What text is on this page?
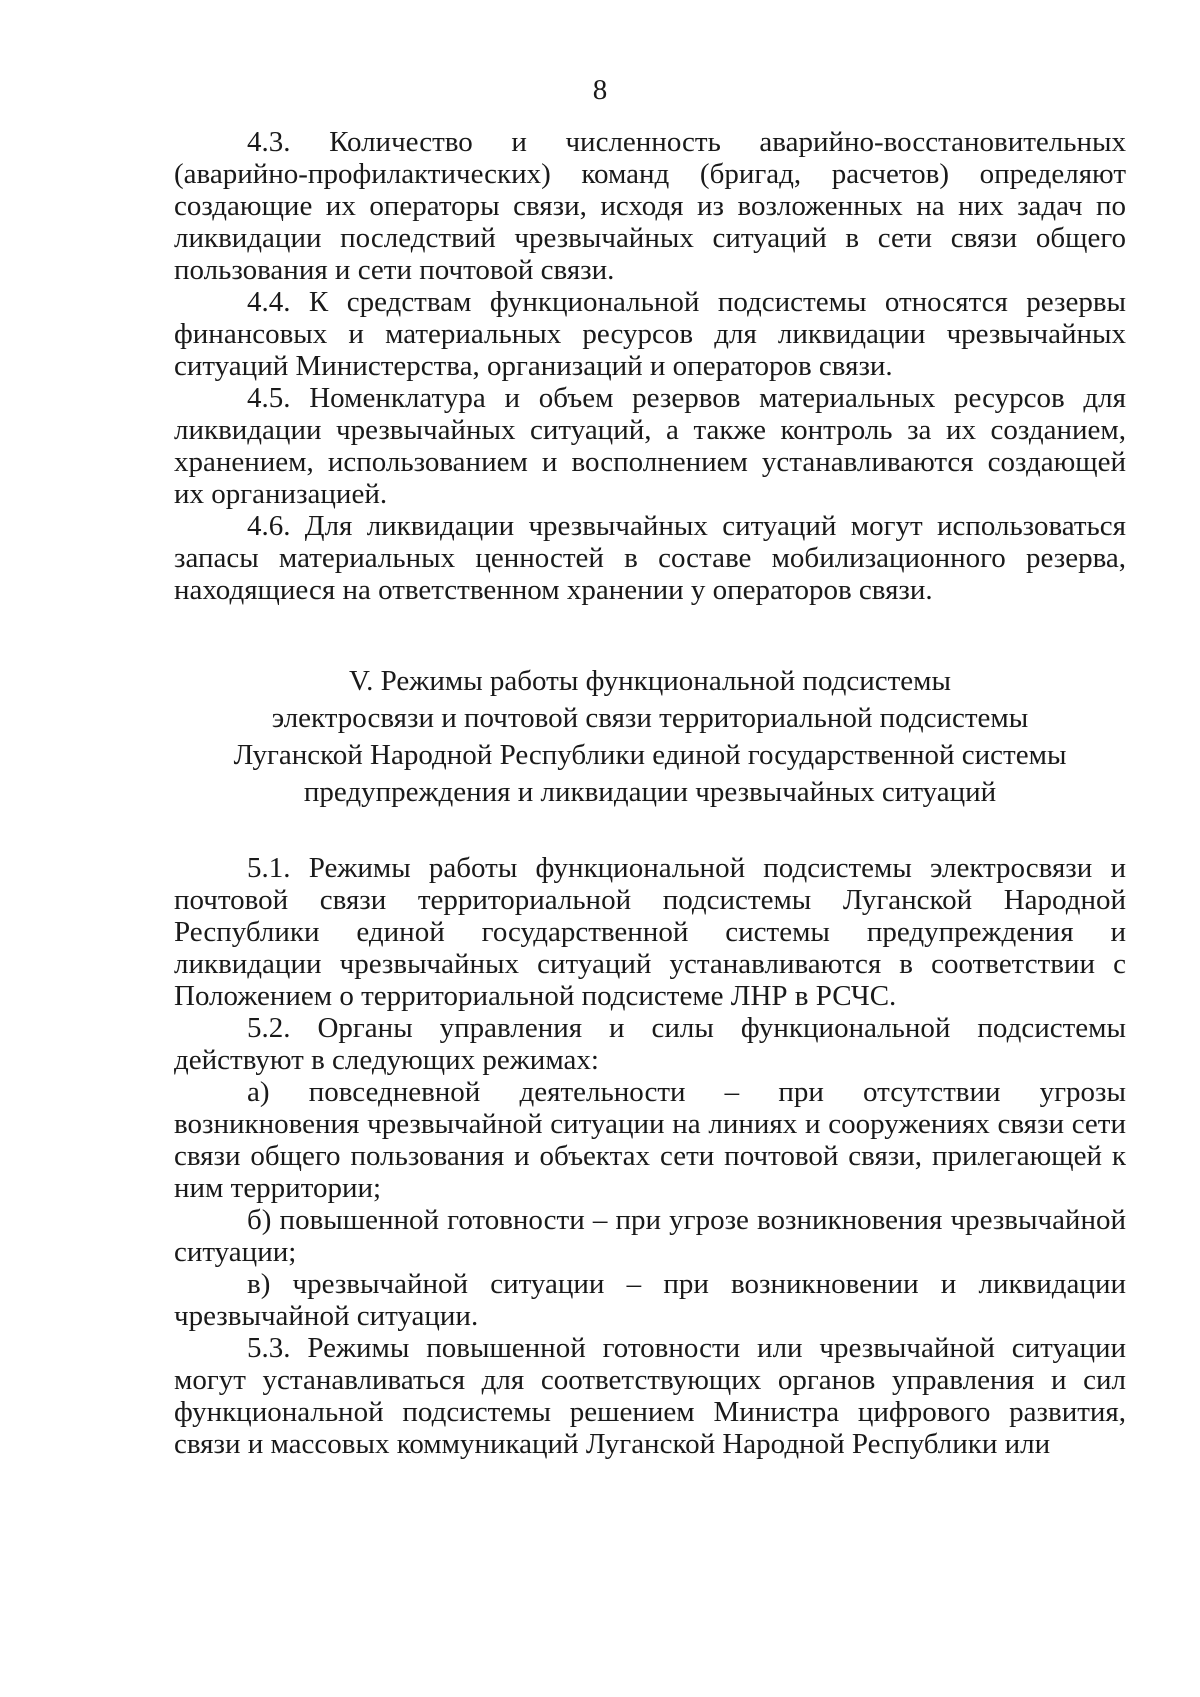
8

4.3. Количество и численность аварийно-восстановительных (аварийно-профилактических) команд (бригад, расчетов) определяют создающие их операторы связи, исходя из возложенных на них задач по ликвидации последствий чрезвычайных ситуаций в сети связи общего пользования и сети почтовой связи.

4.4. К средствам функциональной подсистемы относятся резервы финансовых и материальных ресурсов для ликвидации чрезвычайных ситуаций Министерства, организаций и операторов связи.

4.5. Номенклатура и объем резервов материальных ресурсов для ликвидации чрезвычайных ситуаций, а также контроль за их созданием, хранением, использованием и восполнением устанавливаются создающей их организацией.

4.6. Для ликвидации чрезвычайных ситуаций могут использоваться запасы материальных ценностей в составе мобилизационного резерва, находящиеся на ответственном хранении у операторов связи.

V. Режимы работы функциональной подсистемы
электросвязи и почтовой связи территориальной подсистемы
Луганской Народной Республики единой государственной системы
предупреждения и ликвидации чрезвычайных ситуаций

5.1. Режимы работы функциональной подсистемы электросвязи и почтовой связи территориальной подсистемы Луганской Народной Республики единой государственной системы предупреждения и ликвидации чрезвычайных ситуаций устанавливаются в соответствии с Положением о территориальной подсистеме ЛНР в РСЧС.

5.2. Органы управления и силы функциональной подсистемы действуют в следующих режимах:

а) повседневной деятельности – при отсутствии угрозы возникновения чрезвычайной ситуации на линиях и сооружениях связи сети связи общего пользования и объектах сети почтовой связи, прилегающей к ним территории;

б) повышенной готовности – при угрозе возникновения чрезвычайной ситуации;

в) чрезвычайной ситуации – при возникновении и ликвидации чрезвычайной ситуации.

5.3. Режимы повышенной готовности или чрезвычайной ситуации могут устанавливаться для соответствующих органов управления и сил функциональной подсистемы решением Министра цифрового развития, связи и массовых коммуникаций Луганской Народной Республики или
